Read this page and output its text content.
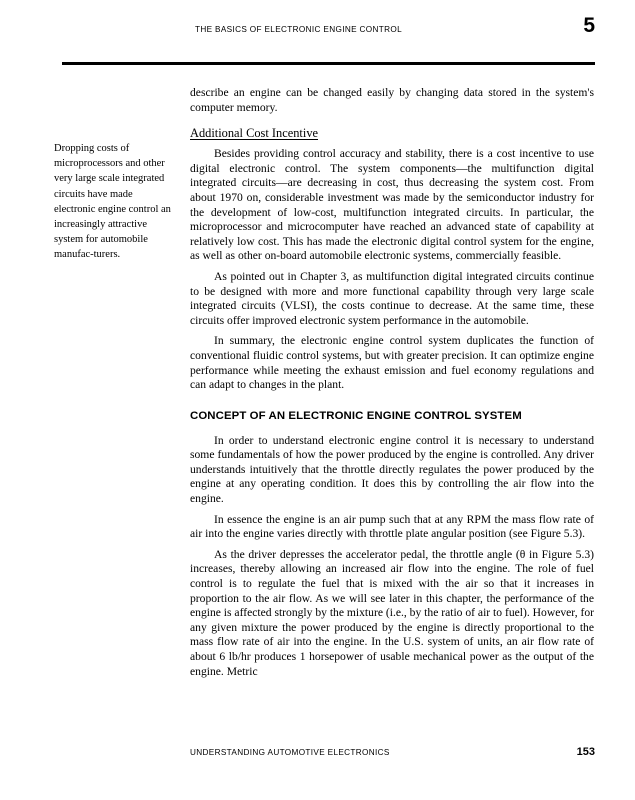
THE BASICS OF ELECTRONIC ENGINE CONTROL	5
Dropping costs of microprocessors and other very large scale integrated circuits have made electronic engine control an increasingly attractive system for automobile manufac-turers.

describe an engine can be changed easily by changing data stored in the system's computer memory.

Additional Cost Incentive

Besides providing control accuracy and stability, there is a cost incentive to use digital electronic control. The system components—the multifunction digital integrated circuits—are decreasing in cost, thus decreasing the system cost. From about 1970 on, considerable investment was made by the semiconductor industry for the development of low-cost, multifunction integrated circuits. In particular, the microprocessor and microcomputer have reached an advanced state of capability at relatively low cost. This has made the electronic digital control system for the engine, as well as other on-board automobile electronic systems, commercially feasible.

As pointed out in Chapter 3, as multifunction digital integrated circuits continue to be designed with more and more functional capability through very large scale integrated circuits (VLSI), the costs continue to decrease. At the same time, these circuits offer improved electronic system performance in the automobile.

In summary, the electronic engine control system duplicates the function of conventional fluidic control systems, but with greater precision. It can optimize engine performance while meeting the exhaust emission and fuel economy regulations and can adapt to changes in the plant.

CONCEPT OF AN ELECTRONIC ENGINE CONTROL SYSTEM

In order to understand electronic engine control it is necessary to understand some fundamentals of how the power produced by the engine is controlled. Any driver understands intuitively that the throttle directly regulates the power produced by the engine at any operating condition. It does this by controlling the air flow into the engine.

In essence the engine is an air pump such that at any RPM the mass flow rate of air into the engine varies directly with throttle plate angular position (see Figure 5.3).

As the driver depresses the accelerator pedal, the throttle angle (θ in Figure 5.3) increases, thereby allowing an increased air flow into the engine. The role of fuel control is to regulate the fuel that is mixed with the air so that it increases in proportion to the air flow. As we will see later in this chapter, the performance of the engine is affected strongly by the mixture (i.e., by the ratio of air to fuel). However, for any given mixture the power produced by the engine is directly proportional to the mass flow rate of air into the engine. In the U.S. system of units, an air flow rate of about 6 lb/hr produces 1 horsepower of usable mechanical power as the output of the engine. Metric

UNDERSTANDING AUTOMOTIVE ELECTRONICS	153
